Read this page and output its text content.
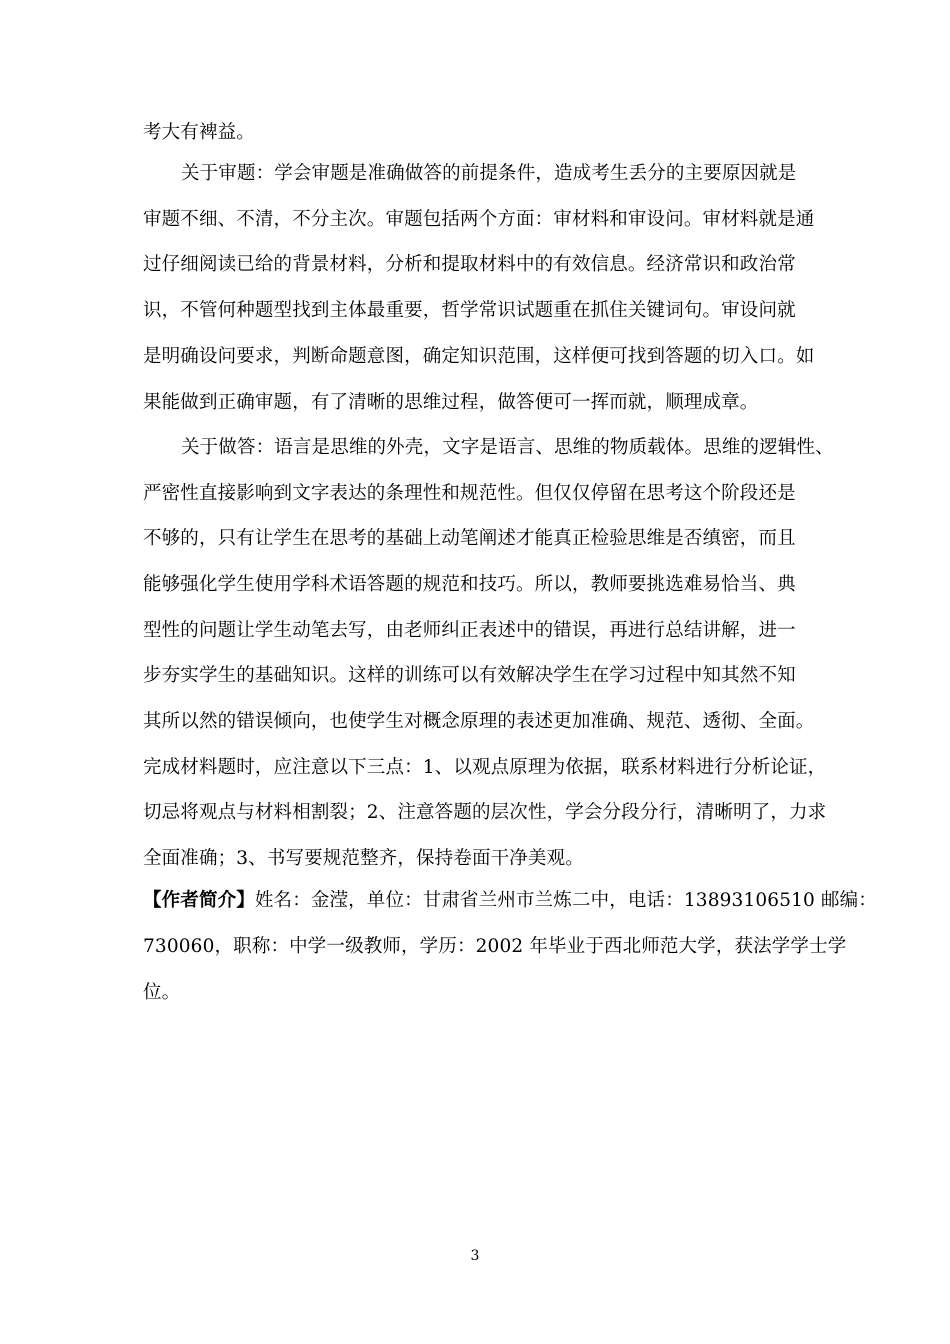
考大有裨益。
关于审题：学会审题是准确做答的前提条件，造成考生丢分的主要原因就是
审题不细、不清，不分主次。审题包括两个方面：审材料和审设问。审材料就是通
过仔细阅读已给的背景材料，分析和提取材料中的有效信息。经济常识和政治常
识，不管何种题型找到主体最重要，哲学常识试题重在抓住关键词句。审设问就
是明确设问要求，判断命题意图，确定知识范围，这样便可找到答题的切入口。如
果能做到正确审题，有了清晰的思维过程，做答便可一挥而就，顺理成章。
关于做答：语言是思维的外壳，文字是语言、思维的物质载体。思维的逻辑性、
严密性直接影响到文字表达的条理性和规范性。但仅仅停留在思考这个阶段还是
不够的，只有让学生在思考的基础上动笔阐述才能真正检验思维是否缜密，而且
能够强化学生使用学科术语答题的规范和技巧。所以，教师要挑选难易恰当、典
型性的问题让学生动笔去写，由老师纠正表述中的错误，再进行总结讲解，进一
步夯实学生的基础知识。这样的训练可以有效解决学生在学习过程中知其然不知
其所以然的错误倾向，也使学生对概念原理的表述更加准确、规范、透彻、全面。
完成材料题时，应注意以下三点：1、以观点原理为依据，联系材料进行分析论证，
切忌将观点与材料相割裂；2、注意答题的层次性，学会分段分行，清晰明了，力求
全面准确；3、书写要规范整齐，保持卷面干净美观。
【作者简介】姓名：金滢，单位：甘肃省兰州市兰炼二中，电话：13893106510 邮编：
730060，职称：中学一级教师，学历：2002 年毕业于西北师范大学，获法学学士学
位。
3
